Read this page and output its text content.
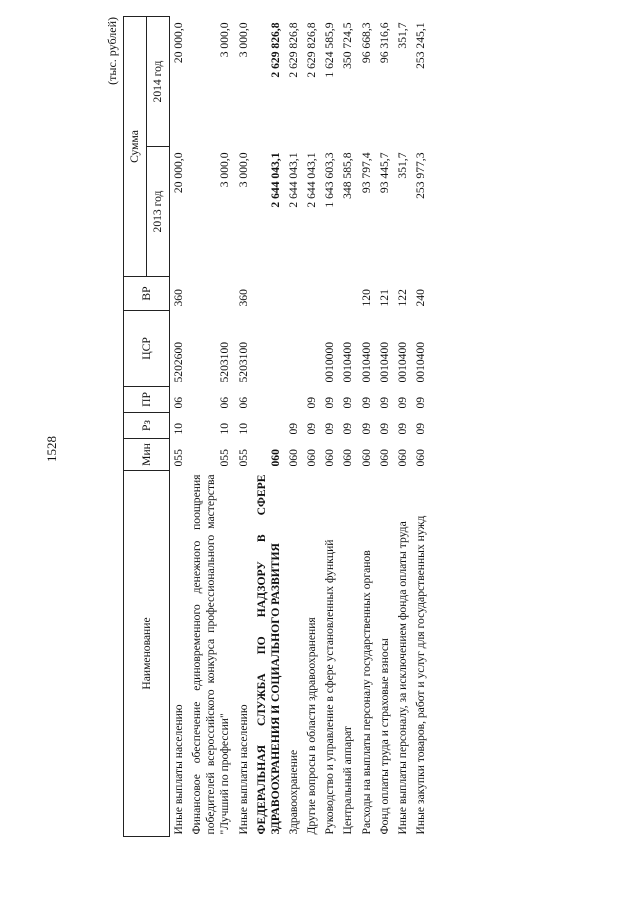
1528
(тыс. рублей)
Наименование	Мин	Рз	ПР	ЦСР	ВР	Сумма	
						2013 год	2014 год
Иные выплаты населению	055	10	06	5202600	360	20 000,0	20 000,0
Финансовое обеспечение единовременного денежного поощрения победителей всероссийского конкурса профессионального мастерства "Лучший по профессии"	055	10	06	5203100		3 000,0	3 000,0
Иные выплаты населению	055	10	06	5203100	360	3 000,0	3 000,0
ФЕДЕРАЛЬНАЯ СЛУЖБА ПО НАДЗОРУ В СФЕРЕ ЗДРАВООХРАНЕНИЯ И СОЦИАЛЬНОГО РАЗВИТИЯ	060					2 644 043,1	2 629 826,8
Здравоохранение	060	09				2 644 043,1	2 629 826,8
Другие вопросы в области здравоохранения	060	09	09			2 644 043,1	2 629 826,8
Руководство и управление в сфере установленных функций	060	09	09	0010000		1 643 603,3	1 624 585,9
Центральный аппарат	060	09	09	0010400		348 585,8	350 724,5
Расходы на выплаты персоналу государственных органов	060	09	09	0010400	120	93 797,4	96 668,3
Фонд оплаты труда и страховые взносы	060	09	09	0010400	121	93 445,7	96 316,6
Иные выплаты персоналу, за исключением фонда оплаты труда	060	09	09	0010400	122	351,7	351,7
Иные закупки товаров, работ и услуг для государственных нужд	060	09	09	0010400	240	253 977,3	253 245,1
